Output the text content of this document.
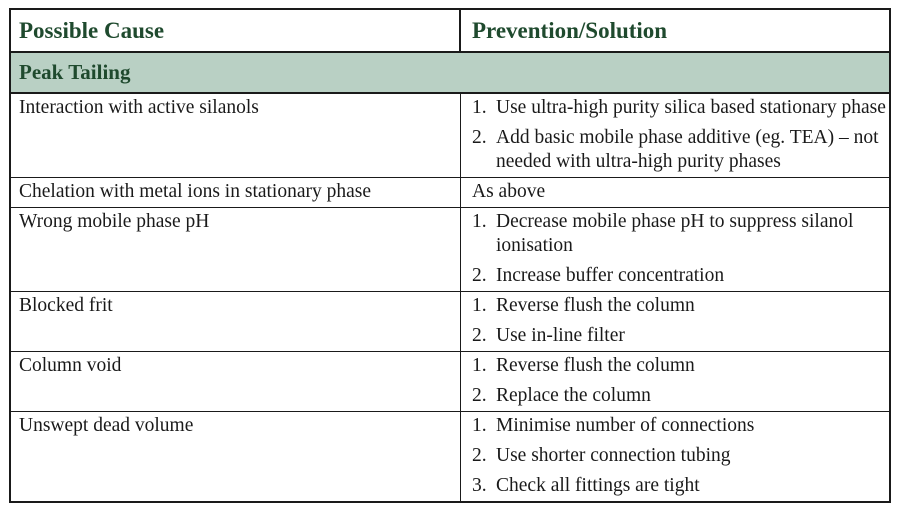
Possible Cause	Prevention/Solution
Peak Tailing
Interaction with active silanols	1. Use ultra-high purity silica based stationary phase
2. Add basic mobile phase additive (eg. TEA) – not needed with ultra-high purity phases
Chelation with metal ions in stationary phase	As above
Wrong mobile phase pH	1. Decrease mobile phase pH to suppress silanol ionisation
2. Increase buffer concentration
Blocked frit	1. Reverse flush the column
2. Use in-line filter
Column void	1. Reverse flush the column
2. Replace the column
Unswept dead volume	1. Minimise number of connections
2. Use shorter connection tubing
3. Check all fittings are tight
